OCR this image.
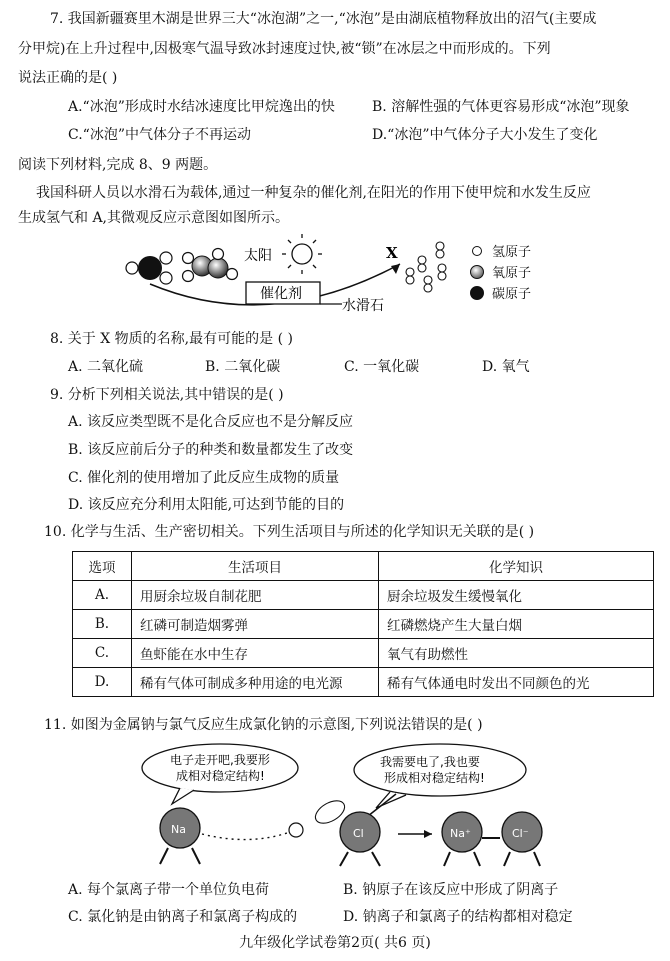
7. 我国新疆赛里木湖是世界三大“冰泡湖”之一,“冰泡”是由湖底植物释放出的沼气(主要成
分甲烷)在上升过程中,因极寒气温导致冰封速度过快,被“锁”在冰层之中而形成的。下列
说法正确的是( )
A.“冰泡”形成时水结冰速度比甲烷逸出的快	B. 溶解性强的气体更容易形成“冰泡”现象
C.“冰泡”中气体分子不再运动	D.“冰泡”中气体分子大小发生了变化
阅读下列材料,完成 8、9 两题。
我国科研人员以水滑石为载体,通过一种复杂的催化剂,在阳光的作用下使甲烷和水发生反应
生成氢气和 A,其微观反应示意图如图所示。
太阳
催化剂
水滑石
X	氢原子
氧原子
碳原子
8. 关于 X 物质的名称,最有可能的是 ( )
A. 二氧化硫	B. 二氧化碳	C. 一氧化碳	D. 氧气
9. 分析下列相关说法,其中错误的是( )
A. 该反应类型既不是化合反应也不是分解反应
B. 该反应前后分子的种类和数量都发生了改变
C. 催化剂的使用增加了此反应生成物的质量
D. 该反应充分利用太阳能,可达到节能的目的
10. 化学与生活、生产密切相关。下列生活项目与所述的化学知识无关联的是( )
选项	生活项目	化学知识
A.	用厨余垃圾自制花肥	厨余垃圾发生缓慢氧化
B.	红磷可制造烟雾弹	红磷燃烧产生大量白烟
C.	鱼虾能在水中生存	氧气有助燃性
D.	稀有气体可制成多种用途的电光源	稀有气体通电时发出不同颜色的光
11. 如图为金属钠与氯气反应生成氯化钠的示意图,下列说法错误的是( )
电子走开吧,我要形
成相对稳定结构!
我需要电了,我也要
形成相对稳定结构!
Na	Cl	Na⁺	Cl⁻
A. 每个氯离子带一个单位负电荷	B. 钠原子在该反应中形成了阴离子
C. 氯化钠是由钠离子和氯离子构成的	D. 钠离子和氯离子的结构都相对稳定
九年级化学试卷第2页( 共6 页)
